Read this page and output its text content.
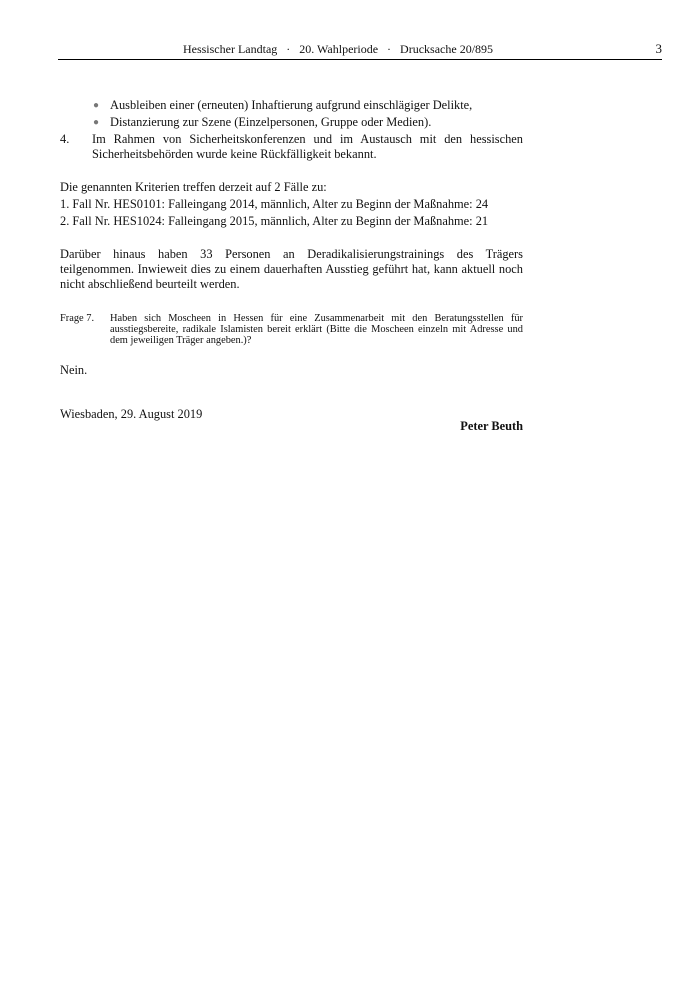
Hessischer Landtag   ·   20. Wahlperiode   ·   Drucksache 20/895	3
● Ausbleiben einer (erneuten) Inhaftierung aufgrund einschlägiger Delikte,
● Distanzierung zur Szene (Einzelpersonen, Gruppe oder Medien).
4. Im Rahmen von Sicherheitskonferenzen und im Austausch mit den hessischen Sicherheitsbehörden wurde keine Rückfälligkeit bekannt.

Die genannten Kriterien treffen derzeit auf 2 Fälle zu:

1. Fall Nr. HES0101: Falleingang 2014, männlich, Alter zu Beginn der Maßnahme: 24

2. Fall Nr. HES1024: Falleingang 2015, männlich, Alter zu Beginn der Maßnahme: 21

Darüber hinaus haben 33 Personen an Deradikalisierungstrainings des Trägers teilgenommen. Inwieweit dies zu einem dauerhaften Ausstieg geführt hat, kann aktuell noch nicht abschließend beurteilt werden.

Frage 7. Haben sich Moscheen in Hessen für eine Zusammenarbeit mit den Beratungsstellen für ausstiegsbereite, radikale Islamisten bereit erklärt (Bitte die Moscheen einzeln mit Adresse und dem jeweiligen Träger angeben.)?

Nein.

Wiesbaden, 29. August 2019
Peter Beuth
